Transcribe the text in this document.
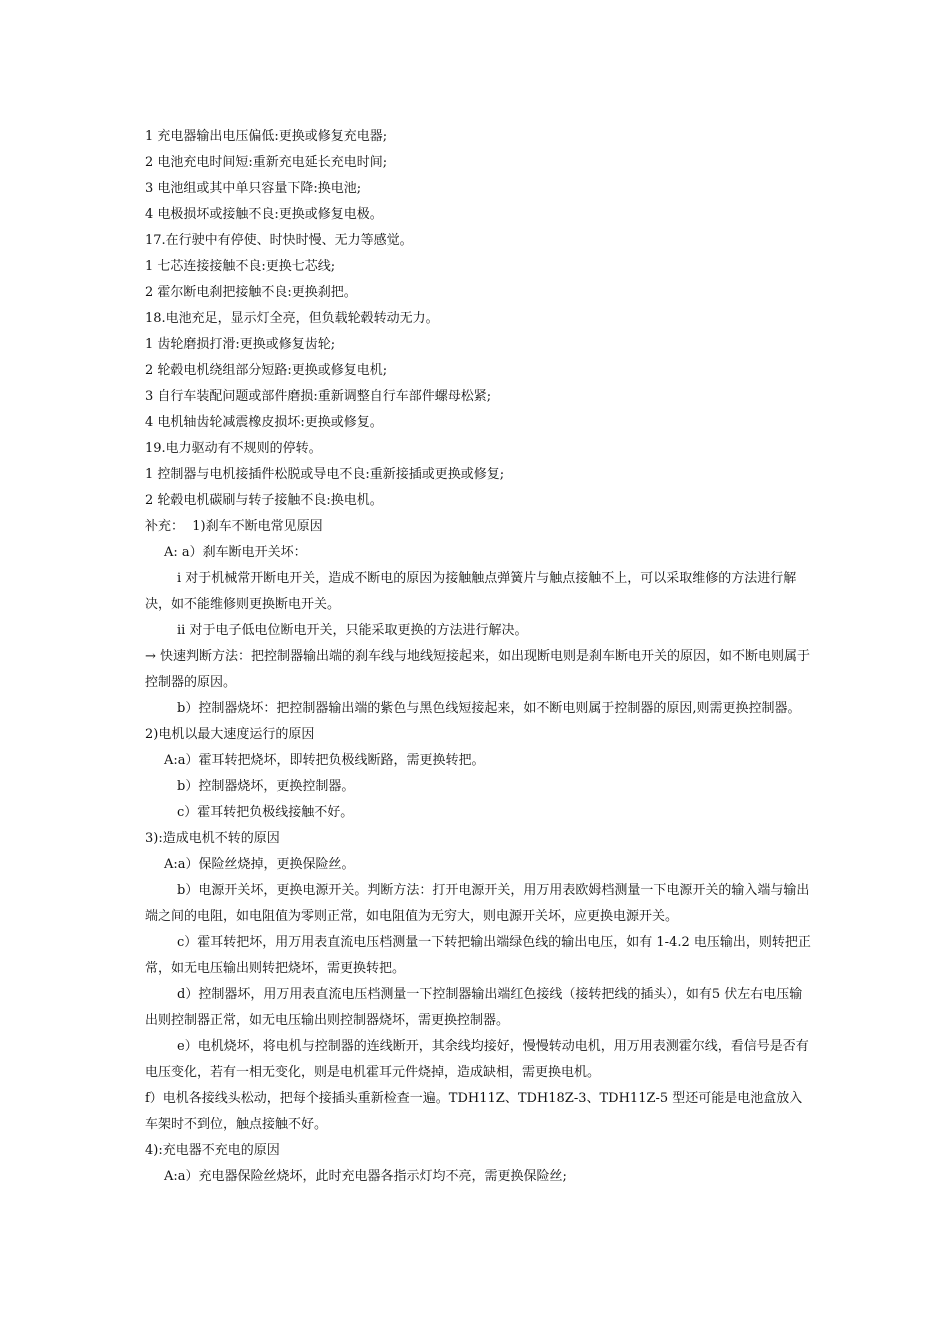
1 充电器输出电压偏低:更换或修复充电器;

2 电池充电时间短:重新充电延长充电时间;

3 电池组或其中单只容量下降:换电池;

4 电极损坏或接触不良:更换或修复电极。

17.在行驶中有停使、时快时慢、无力等感觉。

1 七芯连接接触不良:更换七芯线;

2 霍尔断电刹把接触不良:更换刹把。

18.电池充足，显示灯全亮，但负载轮毂转动无力。

1 齿轮磨损打滑:更换或修复齿轮;

2 轮毂电机绕组部分短路:更换或修复电机;

3 自行车装配问题或部件磨损:重新调整自行车部件螺母松紧;

4 电机轴齿轮减震橡皮损坏:更换或修复。

19.电力驱动有不规则的停转。

1 控制器与电机接插件松脱或导电不良:重新接插或更换或修复;

2 轮毂电机碳刷与转子接触不良:换电机。

补充：  1)刹车不断电常见原因

A: a）刹车断电开关坏：

i 对于机械常开断电开关，造成不断电的原因为接触触点弹簧片与触点接触不上，可以采取维修的方法进行解决，如不能维修则更换断电开关。

ii 对于电子低电位断电开关，只能采取更换的方法进行解决。

→ 快速判断方法：把控制器输出端的刹车线与地线短接起来，如出现断电则是刹车断电开关的原因，如不断电则属于控制器的原因。

b）控制器烧坏：把控制器输出端的紫色与黑色线短接起来，如不断电则属于控制器的原因,则需更换控制器。

2)电机以最大速度运行的原因

A:a）霍耳转把烧坏，即转把负极线断路，需更换转把。

b）控制器烧坏，更换控制器。

c）霍耳转把负极线接触不好。

3):造成电机不转的原因

A:a）保险丝烧掉，更换保险丝。

b）电源开关坏，更换电源开关。判断方法：打开电源开关，用万用表欧姆档测量一下电源开关的输入端与输出端之间的电阻，如电阻值为零则正常，如电阻值为无穷大，则电源开关坏，应更换电源开关。

c）霍耳转把坏，用万用表直流电压档测量一下转把输出端绿色线的输出电压，如有 1-4.2 电压输出，则转把正常，如无电压输出则转把烧坏，需更换转把。

d）控制器坏，用万用表直流电压档测量一下控制器输出端红色接线（接转把线的插头），如有5 伏左右电压输出则控制器正常，如无电压输出则控制器烧坏，需更换控制器。

e）电机烧坏，将电机与控制器的连线断开，其余线均接好，慢慢转动电机，用万用表测霍尔线，看信号是否有电压变化，若有一相无变化，则是电机霍耳元件烧掉，造成缺相，需更换电机。

f）电机各接线头松动，把每个接插头重新检查一遍。TDH11Z、TDH18Z-3、TDH11Z-5 型还可能是电池盒放入车架时不到位，触点接触不好。

4):充电器不充电的原因

A:a）充电器保险丝烧坏，此时充电器各指示灯均不亮，需更换保险丝;
